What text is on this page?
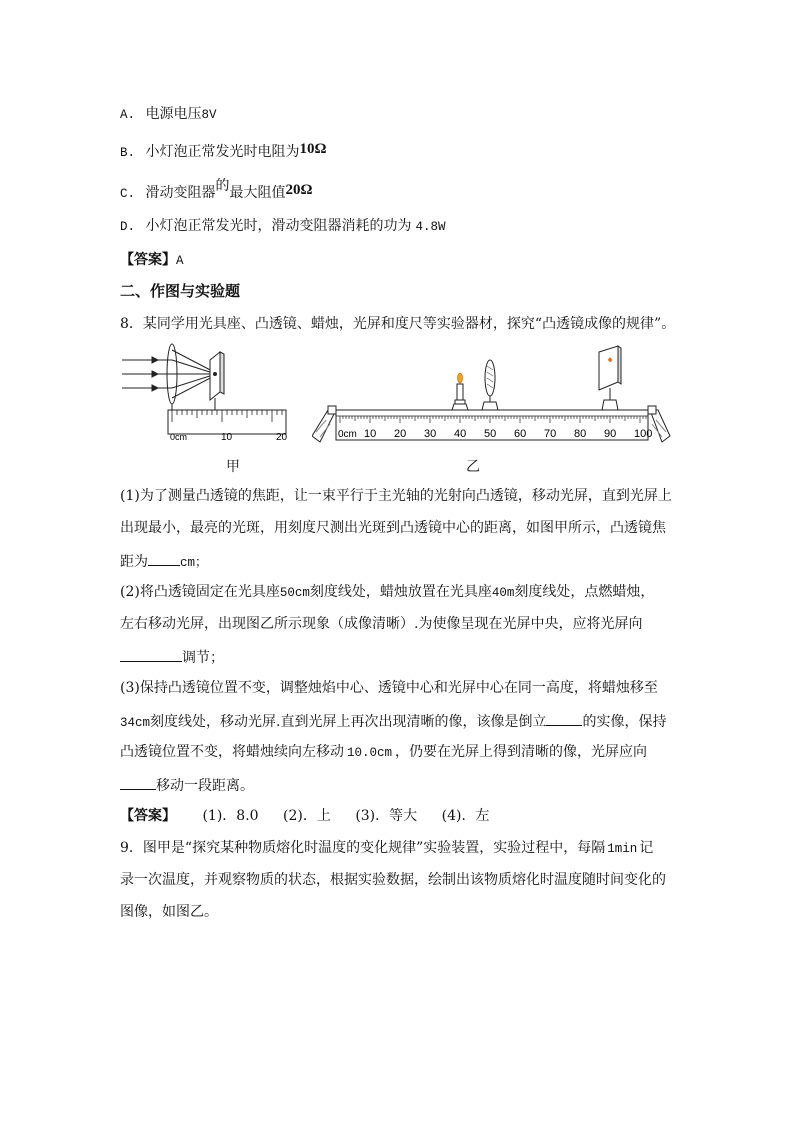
A. 电源电压8V
B. 小灯泡正常发光时电阻为10Ω
C. 滑动变阻器的最大阻值20Ω
D. 小灯泡正常发光时，滑动变阻器消耗的功为 4.8W
【答案】A
二、作图与实验题
8．某同学用光具座、凸透镜、蜡烛，光屏和度尺等实验器材，探究“凸透镜成像的规律”。
0cm	10	20
甲
0cm 10 20 30 40 50 60 70 80 90 100
乙
(1)为了测量凸透镜的焦距，让一束平行于主光轴的光射向凸透镜，移动光屏，直到光屏上
出现最小，最亮的光斑，用刻度尺测出光斑到凸透镜中心的距离，如图甲所示，凸透镜焦
距为	cm；
(2)将凸透镜固定在光具座50cm刻度线处，蜡烛放置在光具座40m刻度线处，点燃蜡烛，
左右移动光屏，出现图乙所示现象（成像清晰）.为使像呈现在光屏中央，应将光屏向
调节；
(3)保持凸透镜位置不变，调整烛焰中心、透镜中心和光屏中心在同一高度，将蜡烛移至
34cm刻度线处，移动光屏.直到光屏上再次出现清晰的像，该像是倒立	的实像，保持
凸透镜位置不变，将蜡烛续向左移动 10.0cm ，仍要在光屏上得到清晰的像，光屏应向
移动一段距离。
【答案】 (1)．8.0 (2)．上 (3)．等大 (4)．左
9．图甲是“探究某种物质熔化时温度的变化规律”实验装置，实验过程中，每隔 1min 记
录一次温度，并观察物质的状态，根据实验数据，绘制出该物质熔化时温度随时间变化的
图像，如图乙。
